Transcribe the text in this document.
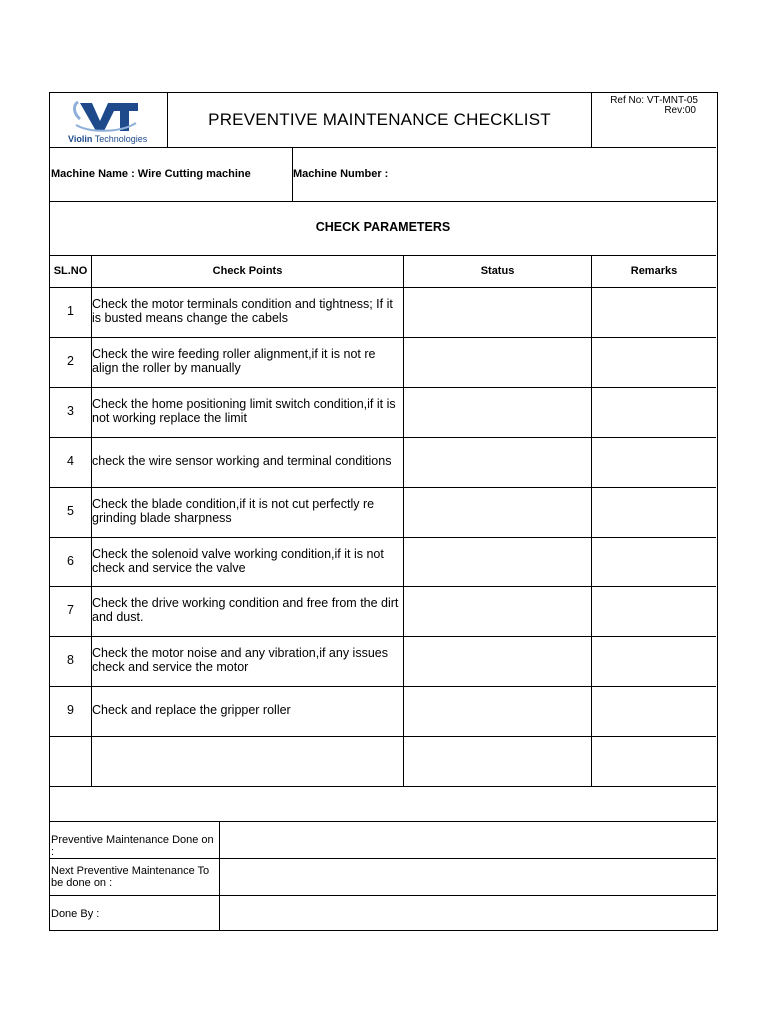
Violin Technologies
PREVENTIVE MAINTENANCE CHECKLIST
Ref No: VT-MNT-05
Rev:00
Machine Name : Wire Cutting machine	Machine Number :
CHECK PARAMETERS
SL.NO	Check Points	Status	Remarks
1	Check the motor terminals condition and tightness; If it is busted means change the cabels
2	Check the wire feeding roller alignment,if it is not re align the roller by manually
3	Check the home positioning limit switch condition,if it is not working replace the limit
4	check the wire sensor working and terminal conditions
5	Check the blade condition,if it is not cut perfectly re grinding blade sharpness
6	Check the solenoid valve working condition,if it is not check and service the valve
7	Check the drive working condition and free from the dirt and dust.
8	Check the motor noise and any vibration,if any issues check and service the motor
9	Check and replace the gripper roller
Preventive Maintenance Done on :
Next Preventive Maintenance To be done on :
Done By :
